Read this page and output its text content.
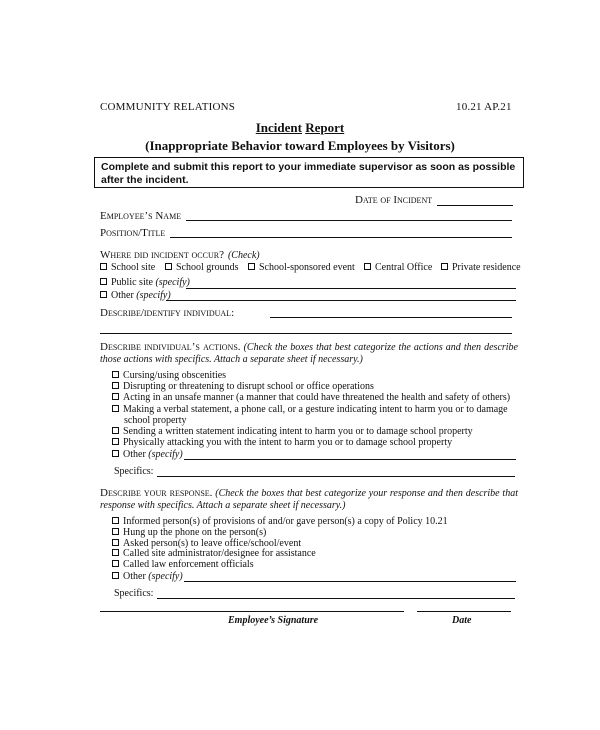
COMMUNITY RELATIONS	10.21 AP.21
Incident Report
(Inappropriate Behavior toward Employees by Visitors)
Complete and submit this report to your immediate supervisor as soon as possible after the incident.
Date of Incident
Employee’s Name
Position/Title
Where did incident occur? (Check)
School site	School grounds	School-sponsored event	Central Office	Private residence
Public site (specify)
Other (specify)
Describe/identify individual:
Describe individual’s actions. (Check the boxes that best categorize the actions and then describe those actions with specifics. Attach a separate sheet if necessary.)
Cursing/using obscenities
Disrupting or threatening to disrupt school or office operations
Acting in an unsafe manner (a manner that could have threatened the health and safety of others)
Making a verbal statement, a phone call, or a gesture indicating intent to harm you or to damage
school property
Sending a written statement indicating intent to harm you or to damage school property
Physically attacking you with the intent to harm you or to damage school property
Other (specify)
Specifics:
Describe your response. (Check the boxes that best categorize your response and then describe that response with specifics. Attach a separate sheet if necessary.)
Informed person(s) of provisions of and/or gave person(s) a copy of Policy 10.21
Hung up the phone on the person(s)
Asked person(s) to leave office/school/event
Called site administrator/designee for assistance
Called law enforcement officials
Other (specify)
Specifics:
Employee’s Signature	Date
